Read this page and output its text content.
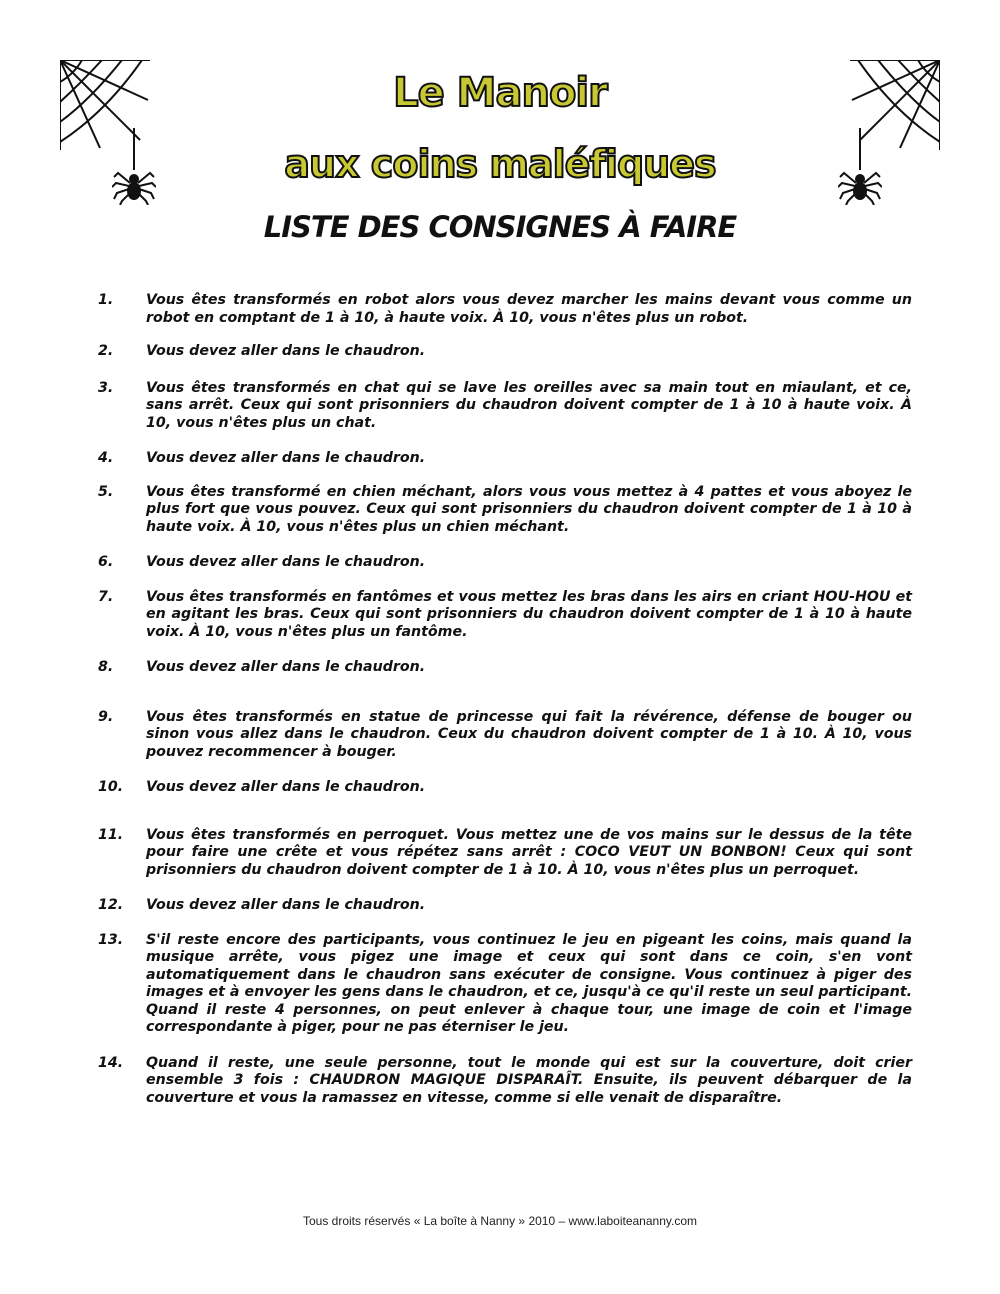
Le Manoir
aux coins maléfiques
LISTE DES CONSIGNES À FAIRE
1. Vous êtes transformés en robot alors vous devez marcher les mains devant vous comme un robot en comptant de 1 à 10, à haute voix. À 10, vous n'êtes plus un robot.
2. Vous devez aller dans le chaudron.
3. Vous êtes transformés en chat qui se lave les oreilles avec sa main tout en miaulant, et ce, sans arrêt. Ceux qui sont prisonniers du chaudron doivent compter de 1 à 10 à haute voix. À 10, vous n'êtes plus un chat.
4. Vous devez aller dans le chaudron.
5. Vous êtes transformé en chien méchant, alors vous vous mettez à 4 pattes et vous aboyez le plus fort que vous pouvez. Ceux qui sont prisonniers du chaudron doivent compter de 1 à 10 à haute voix. À 10, vous n'êtes plus un chien méchant.
6. Vous devez aller dans le chaudron.
7. Vous êtes transformés en fantômes et vous mettez les bras dans les airs en criant HOU-HOU et en agitant les bras. Ceux qui sont prisonniers du chaudron doivent compter de 1 à 10 à haute voix. À 10, vous n'êtes plus un fantôme.
8. Vous devez aller dans le chaudron.
9. Vous êtes transformés en statue de princesse qui fait la révérence, défense de bouger ou sinon vous allez dans le chaudron. Ceux du chaudron doivent compter de 1 à 10. À 10, vous pouvez recommencer à bouger.
10. Vous devez aller dans le chaudron.
11. Vous êtes transformés en perroquet. Vous mettez une de vos mains sur le dessus de la tête pour faire une crête et vous répétez sans arrêt : COCO VEUT UN BONBON! Ceux qui sont prisonniers du chaudron doivent compter de 1 à 10. À 10, vous n'êtes plus un perroquet.
12. Vous devez aller dans le chaudron.
13. S'il reste encore des participants, vous continuez le jeu en pigeant les coins, mais quand la musique arrête, vous pigez une image et ceux qui sont dans ce coin, s'en vont automatiquement dans le chaudron sans exécuter de consigne. Vous continuez à piger des images et à envoyer les gens dans le chaudron, et ce, jusqu'à ce qu'il reste un seul participant. Quand il reste 4 personnes, on peut enlever à chaque tour, une image de coin et l'image correspondante à piger, pour ne pas éterniser le jeu.
14. Quand il reste, une seule personne, tout le monde qui est sur la couverture, doit crier ensemble 3 fois : CHAUDRON MAGIQUE DISPARAÎT. Ensuite, ils peuvent débarquer de la couverture et vous la ramassez en vitesse, comme si elle venait de disparaître.
Tous droits réservés « La boîte à Nanny » 2010 – www.laboiteananny.com
